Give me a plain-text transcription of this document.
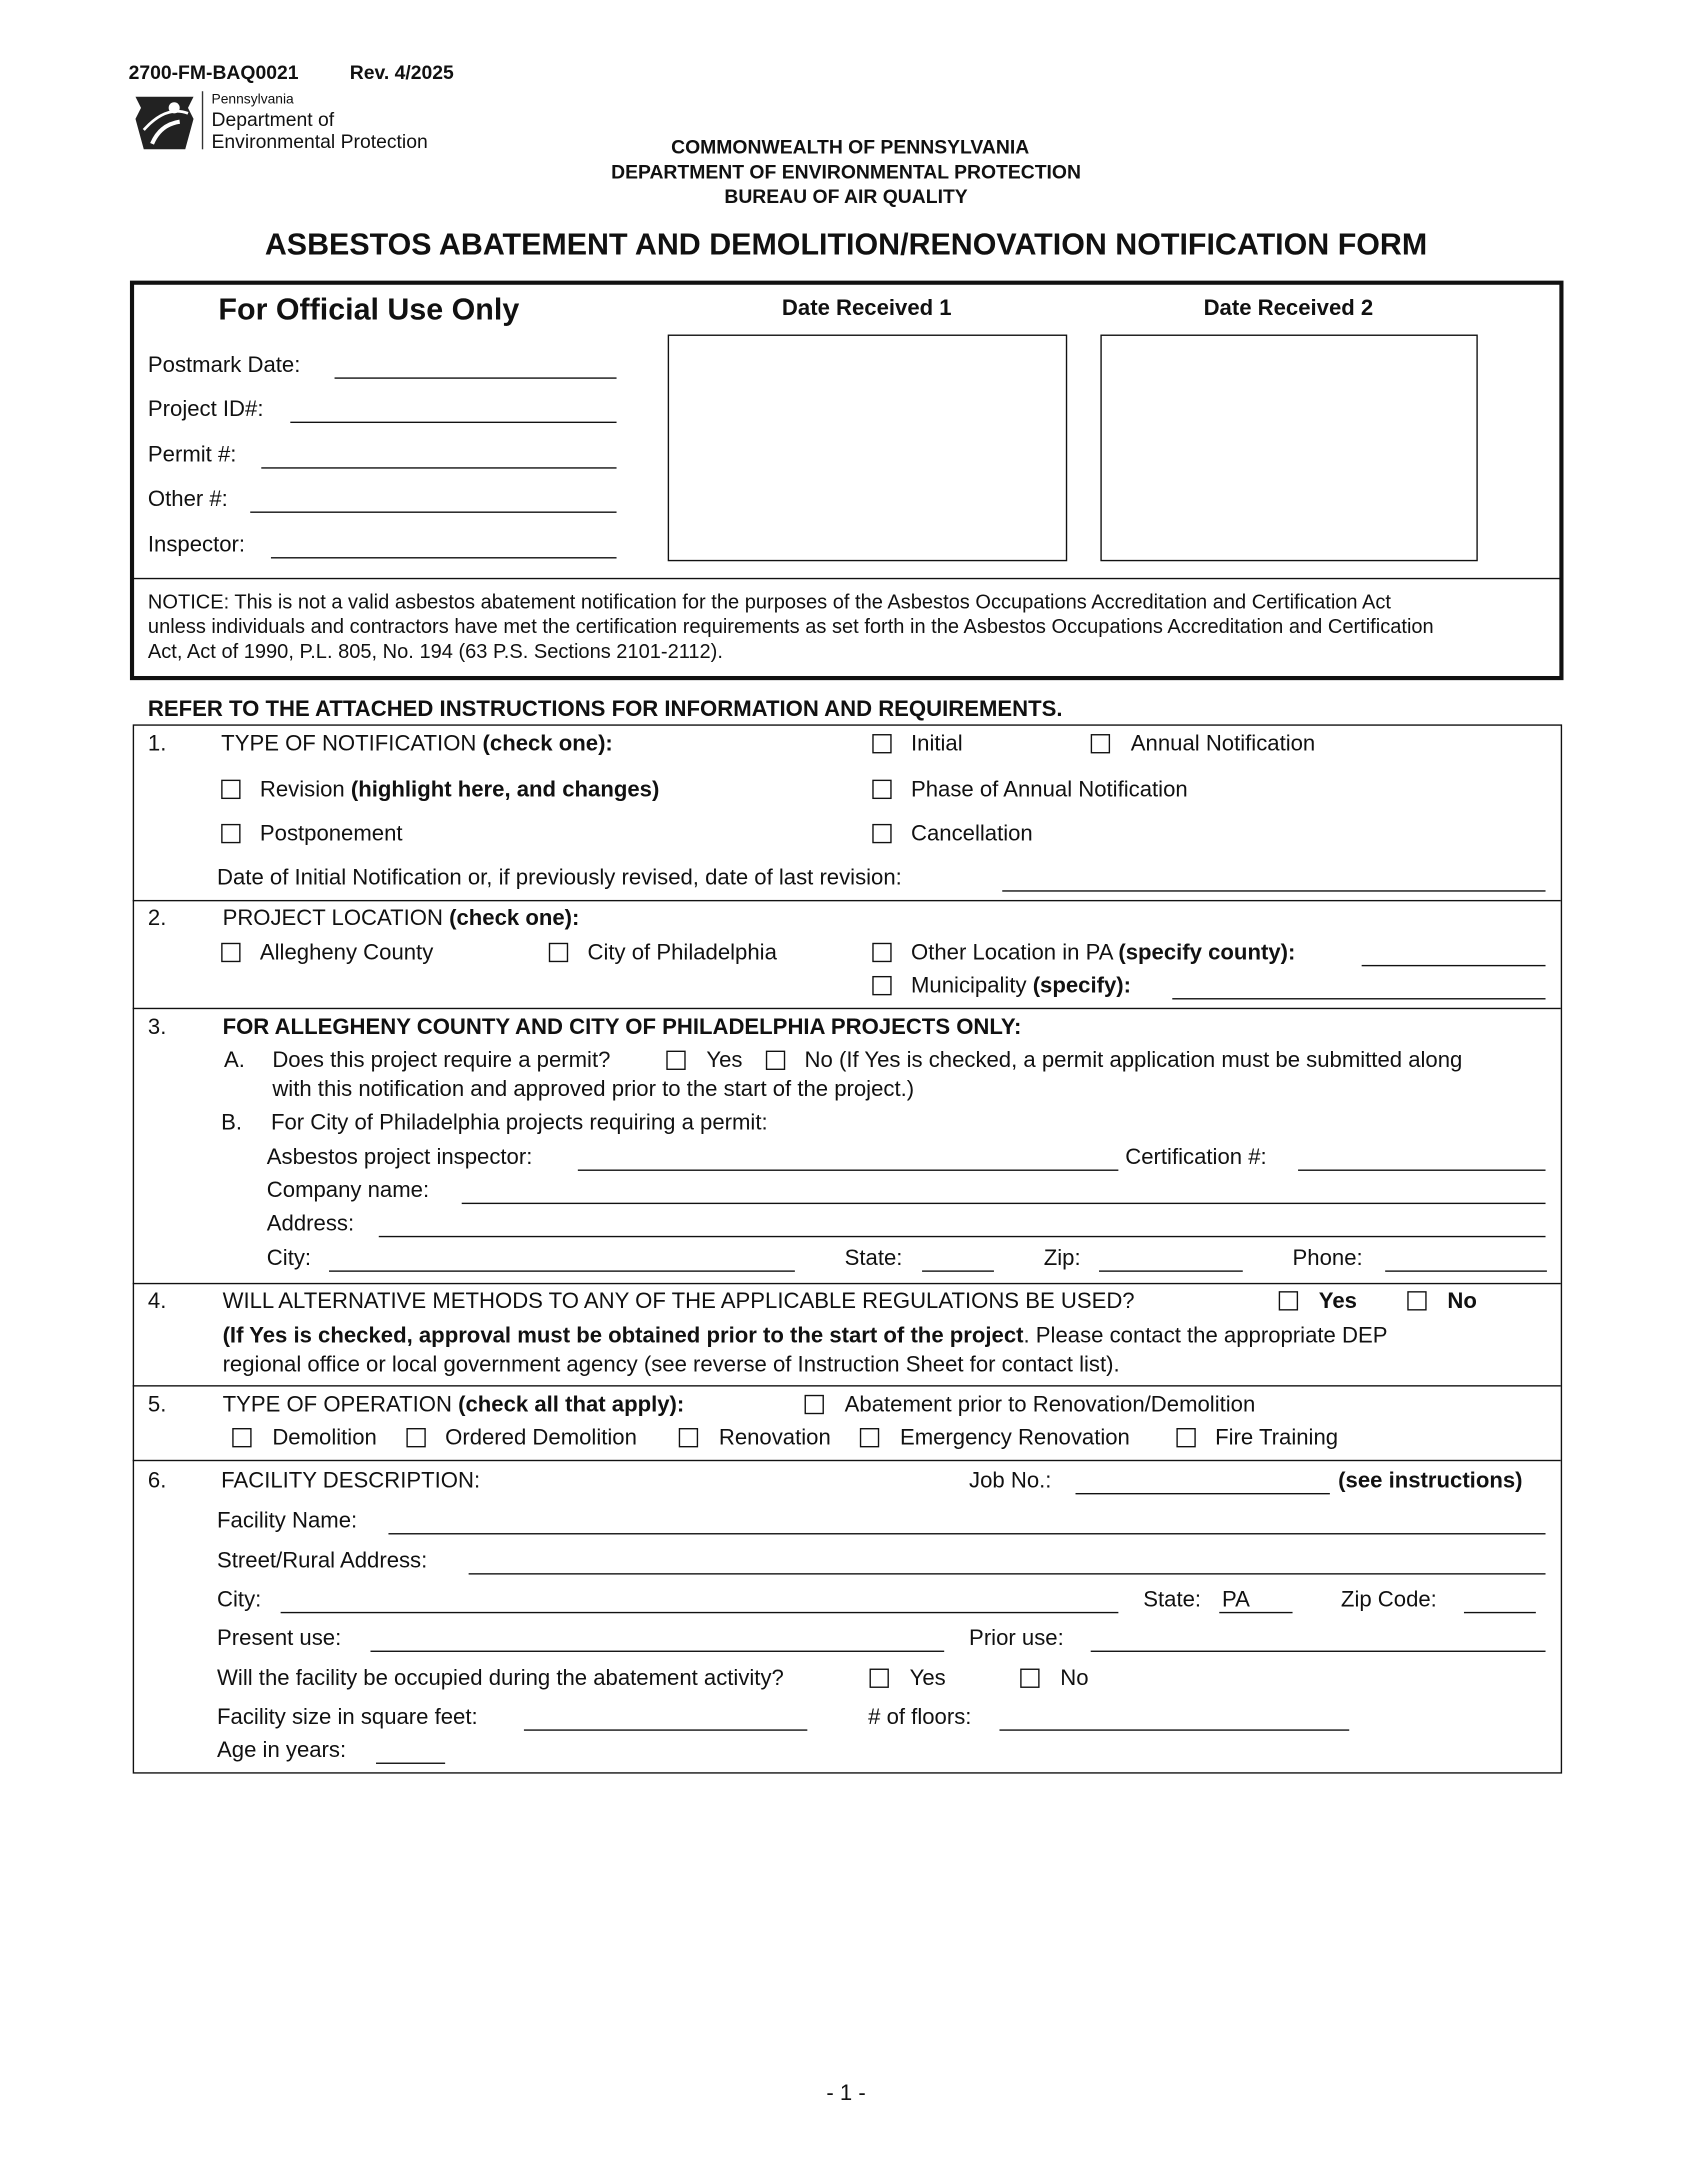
2700-FM-BAQ0021	Rev. 4/2025
Pennsylvania
Department of
Environmental Protection	COMMONWEALTH OF PENNSYLVANIA
DEPARTMENT OF ENVIRONMENTAL PROTECTION
BUREAU OF AIR QUALITY
ASBESTOS ABATEMENT AND DEMOLITION/RENOVATION NOTIFICATION FORM
For Official Use Only
Postmark Date:
Project ID#:
Permit #:
Other #:
Inspector:
Date Received 1	Date Received 2
NOTICE: This is not a valid asbestos abatement notification for the purposes of the Asbestos Occupations Accreditation and Certification Act
unless individuals and contractors have met the certification requirements as set forth in the Asbestos Occupations Accreditation and Certification
Act, Act of 1990, P.L. 805, No. 194 (63 P.S. Sections 2101-2112).
REFER TO THE ATTACHED INSTRUCTIONS FOR INFORMATION AND REQUIREMENTS.
1.	TYPE OF NOTIFICATION (check one):	Initial	Annual Notification
Revision (highlight here, and changes)	Phase of Annual Notification
Postponement	Cancellation
Date of Initial Notification or, if previously revised, date of last revision:
2.	PROJECT LOCATION (check one):
Allegheny County	City of Philadelphia	Other Location in PA (specify county):
Municipality (specify):
3.	FOR ALLEGHENY COUNTY AND CITY OF PHILADELPHIA PROJECTS ONLY:
A. Does this project require a permit?	Yes	No (If Yes is checked, a permit application must be submitted along
with this notification and approved prior to the start of the project.)
B. For City of Philadelphia projects requiring a permit:
Asbestos project inspector:	Certification #:
Company name:
Address:
City:	State:	Zip:	Phone:
4.	WILL ALTERNATIVE METHODS TO ANY OF THE APPLICABLE REGULATIONS BE USED?	Yes	No
(If Yes is checked, approval must be obtained prior to the start of the project. Please contact the appropriate DEP
regional office or local government agency (see reverse of Instruction Sheet for contact list).
5.	TYPE OF OPERATION (check all that apply):	Abatement prior to Renovation/Demolition
Demolition	Ordered Demolition	Renovation	Emergency Renovation	Fire Training
6.	FACILITY DESCRIPTION:	Job No.:	(see instructions)
Facility Name:
Street/Rural Address:
City:	State: PA	Zip Code:
Present use:	Prior use:
Will the facility be occupied during the abatement activity?	Yes	No
Facility size in square feet:	# of floors:
Age in years:
- 1 -
